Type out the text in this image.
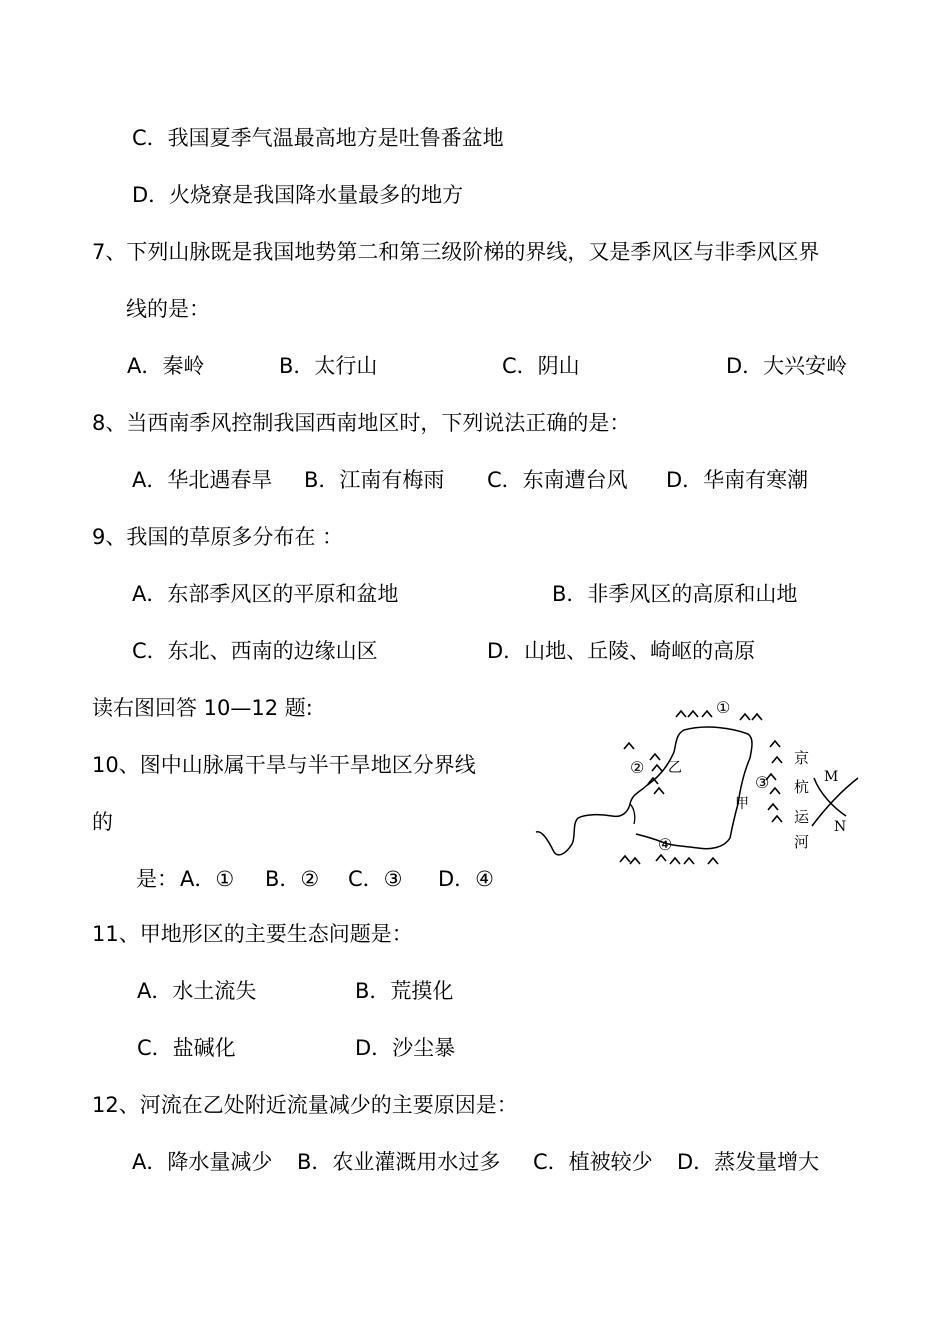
C．我国夏季气温最高地方是吐鲁番盆地
D．火烧寮是我国降水量最多的地方
7、下列山脉既是我国地势第二和第三级阶梯的界线，又是季风区与非季风区界
线的是：
A．秦岭	B．太行山	C．阴山	D．大兴安岭
8、当西南季风控制我国西南地区时，下列说法正确的是：
A．华北遇春旱 B．江南有梅雨 C．东南遭台风 D．华南有寒潮
9、我国的草原多分布在 ：
A．东部季风区的平原和盆地	B．非季风区的高原和山地
C．东北、西南的边缘山区	D．山地、丘陵、崎岖的高原
读右图回答 10—12 题:
10、图中山脉属干旱与半干旱地区分界线
的
是： A．① B．② C．③ D．④
11、甲地形区的主要生态问题是：
A．水土流失	B．荒摸化
C．盐碱化	D．沙尘暴
12、河流在乙处附近流量减少的主要原因是：
A．降水量减少 B．农业灌溉用水过多 C．植被较少 D．蒸发量增大
①
② 乙
③
④
甲
京
杭
运
河
M
N
